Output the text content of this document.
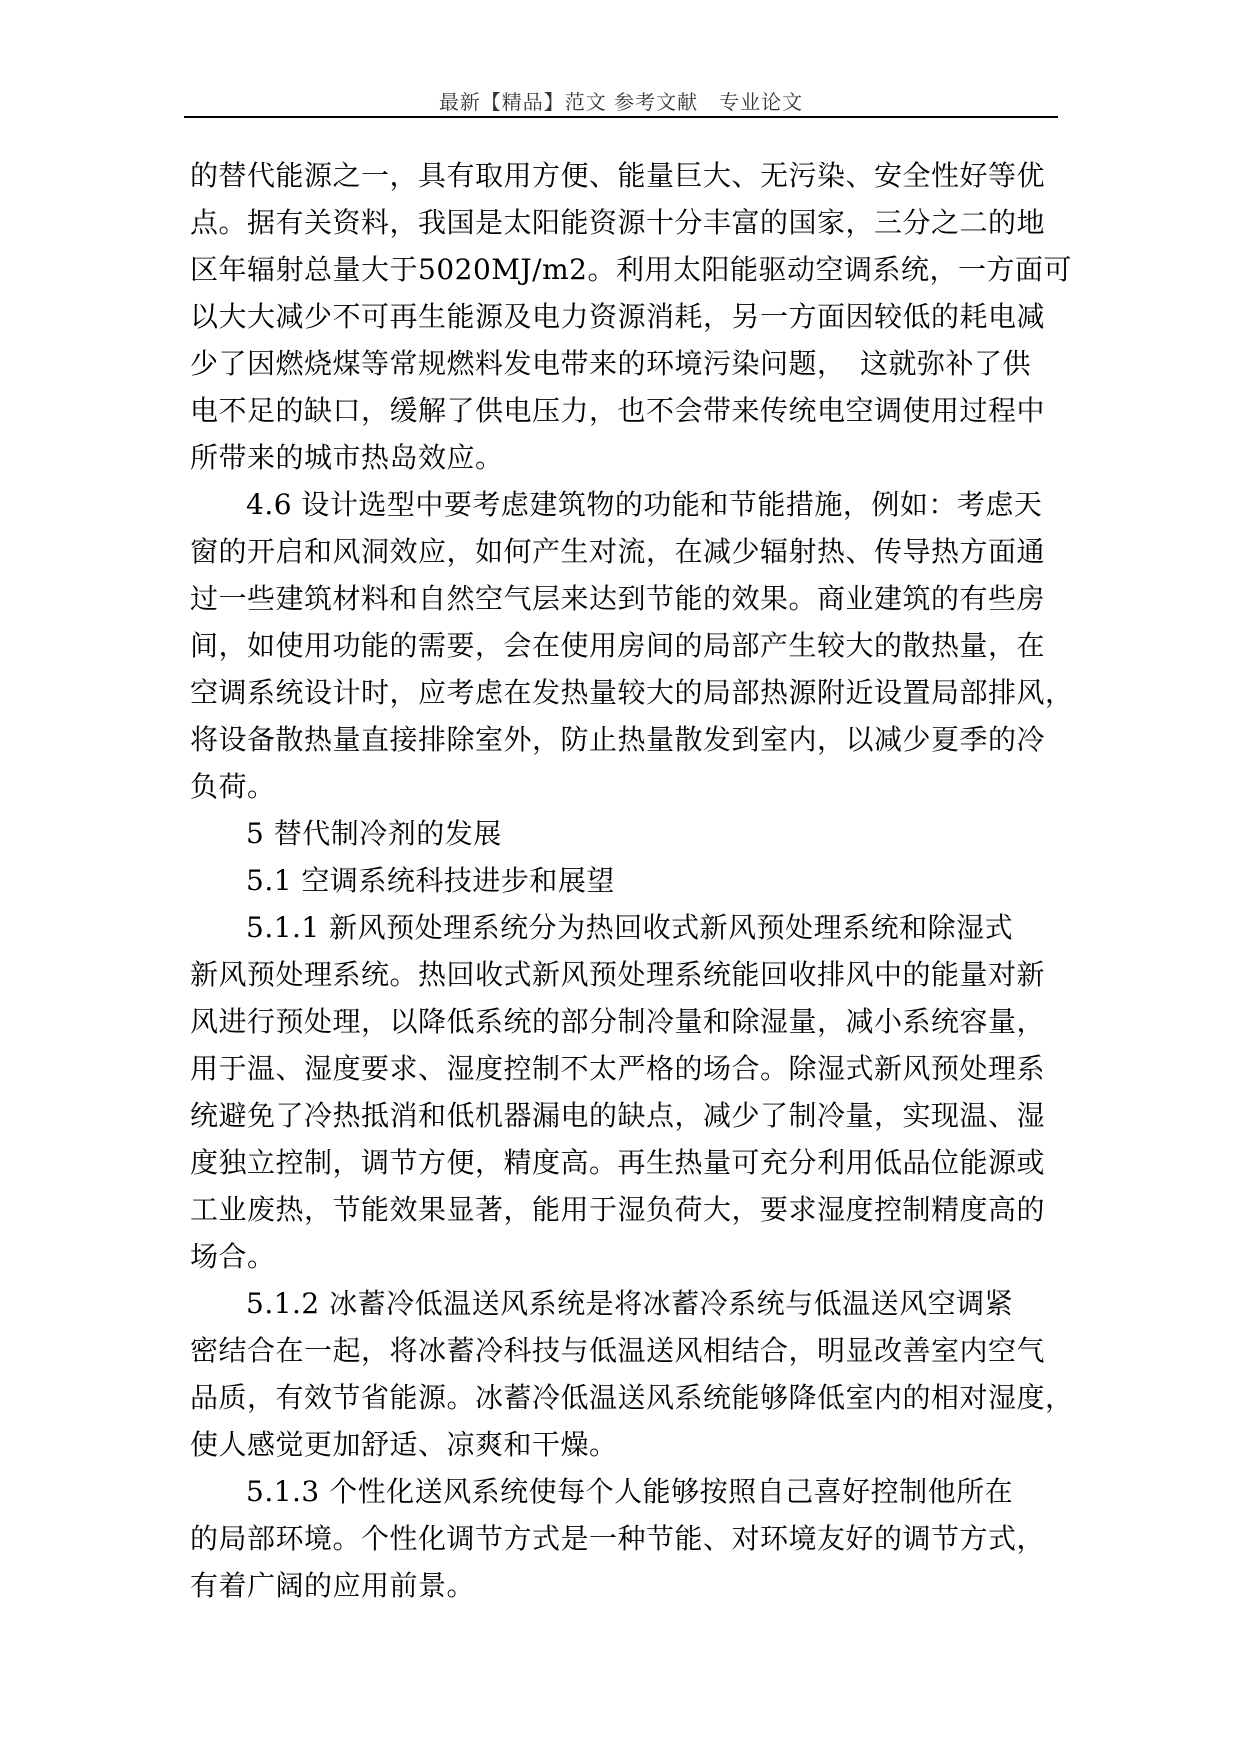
最新【精品】范文 参考文献　专业论文
的替代能源之一，具有取用方便、能量巨大、无污染、安全性好等优
点。据有关资料，我国是太阳能资源十分丰富的国家，三分之二的地
区年辐射总量大于5020MJ/m2。利用太阳能驱动空调系统，一方面可
以大大减少不可再生能源及电力资源消耗，另一方面因较低的耗电减
少了因燃烧煤等常规燃料发电带来的环境污染问题，　这就弥补了供
电不足的缺口，缓解了供电压力，也不会带来传统电空调使用过程中
所带来的城市热岛效应。
4.6 设计选型中要考虑建筑物的功能和节能措施，例如：考虑天
窗的开启和风洞效应，如何产生对流，在减少辐射热、传导热方面通
过一些建筑材料和自然空气层来达到节能的效果。商业建筑的有些房
间，如使用功能的需要，会在使用房间的局部产生较大的散热量，在
空调系统设计时，应考虑在发热量较大的局部热源附近设置局部排风，
将设备散热量直接排除室外，防止热量散发到室内，以减少夏季的冷
负荷。
5 替代制冷剂的发展
5.1 空调系统科技进步和展望
5.1.1 新风预处理系统分为热回收式新风预处理系统和除湿式
新风预处理系统。热回收式新风预处理系统能回收排风中的能量对新
风进行预处理，以降低系统的部分制冷量和除湿量，减小系统容量，
用于温、湿度要求、湿度控制不太严格的场合。除湿式新风预处理系
统避免了冷热抵消和低机器漏电的缺点，减少了制冷量，实现温、湿
度独立控制，调节方便，精度高。再生热量可充分利用低品位能源或
工业废热，节能效果显著，能用于湿负荷大，要求湿度控制精度高的
场合。
5.1.2 冰蓄冷低温送风系统是将冰蓄冷系统与低温送风空调紧
密结合在一起，将冰蓄冷科技与低温送风相结合，明显改善室内空气
品质，有效节省能源。冰蓄冷低温送风系统能够降低室内的相对湿度，
使人感觉更加舒适、凉爽和干燥。
5.1.3 个性化送风系统使每个人能够按照自己喜好控制他所在
的局部环境。个性化调节方式是一种节能、对环境友好的调节方式，
有着广阔的应用前景。
